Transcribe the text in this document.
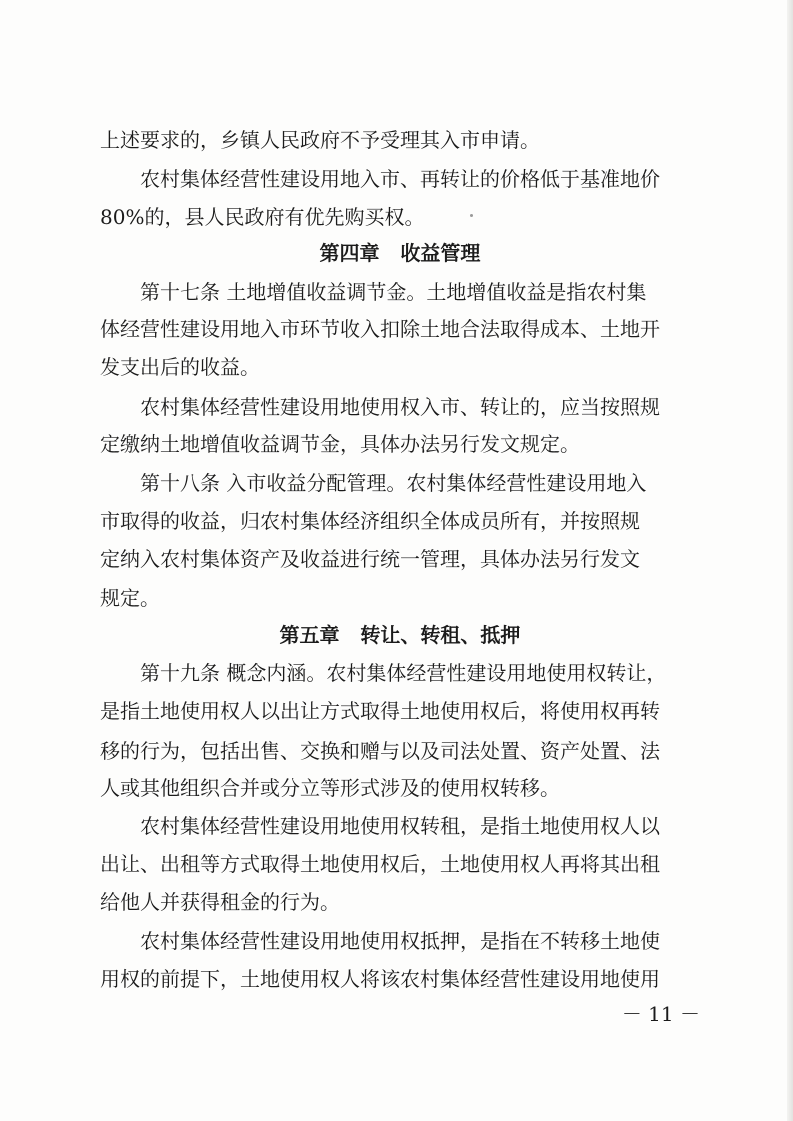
上述要求的，乡镇人民政府不予受理其入市申请。
农村集体经营性建设用地入市、再转让的价格低于基准地价
80%的，县人民政府有优先购买权。
第四章   收益管理
第十七条 土地增值收益调节金。土地增值收益是指农村集
体经营性建设用地入市环节收入扣除土地合法取得成本、土地开
发支出后的收益。
农村集体经营性建设用地使用权入市、转让的，应当按照规
定缴纳土地增值收益调节金，具体办法另行发文规定。
第十八条 入市收益分配管理。农村集体经营性建设用地入
市取得的收益，归农村集体经济组织全体成员所有，并按照规
定纳入农村集体资产及收益进行统一管理，具体办法另行发文
规定。
第五章   转让、转租、抵押
第十九条 概念内涵。农村集体经营性建设用地使用权转让，
是指土地使用权人以出让方式取得土地使用权后，将使用权再转
移的行为，包括出售、交换和赠与以及司法处置、资产处置、法
人或其他组织合并或分立等形式涉及的使用权转移。
农村集体经营性建设用地使用权转租，是指土地使用权人以
出让、出租等方式取得土地使用权后，土地使用权人再将其出租
给他人并获得租金的行为。
农村集体经营性建设用地使用权抵押，是指在不转移土地使
用权的前提下，土地使用权人将该农村集体经营性建设用地使用
－ 11 －
